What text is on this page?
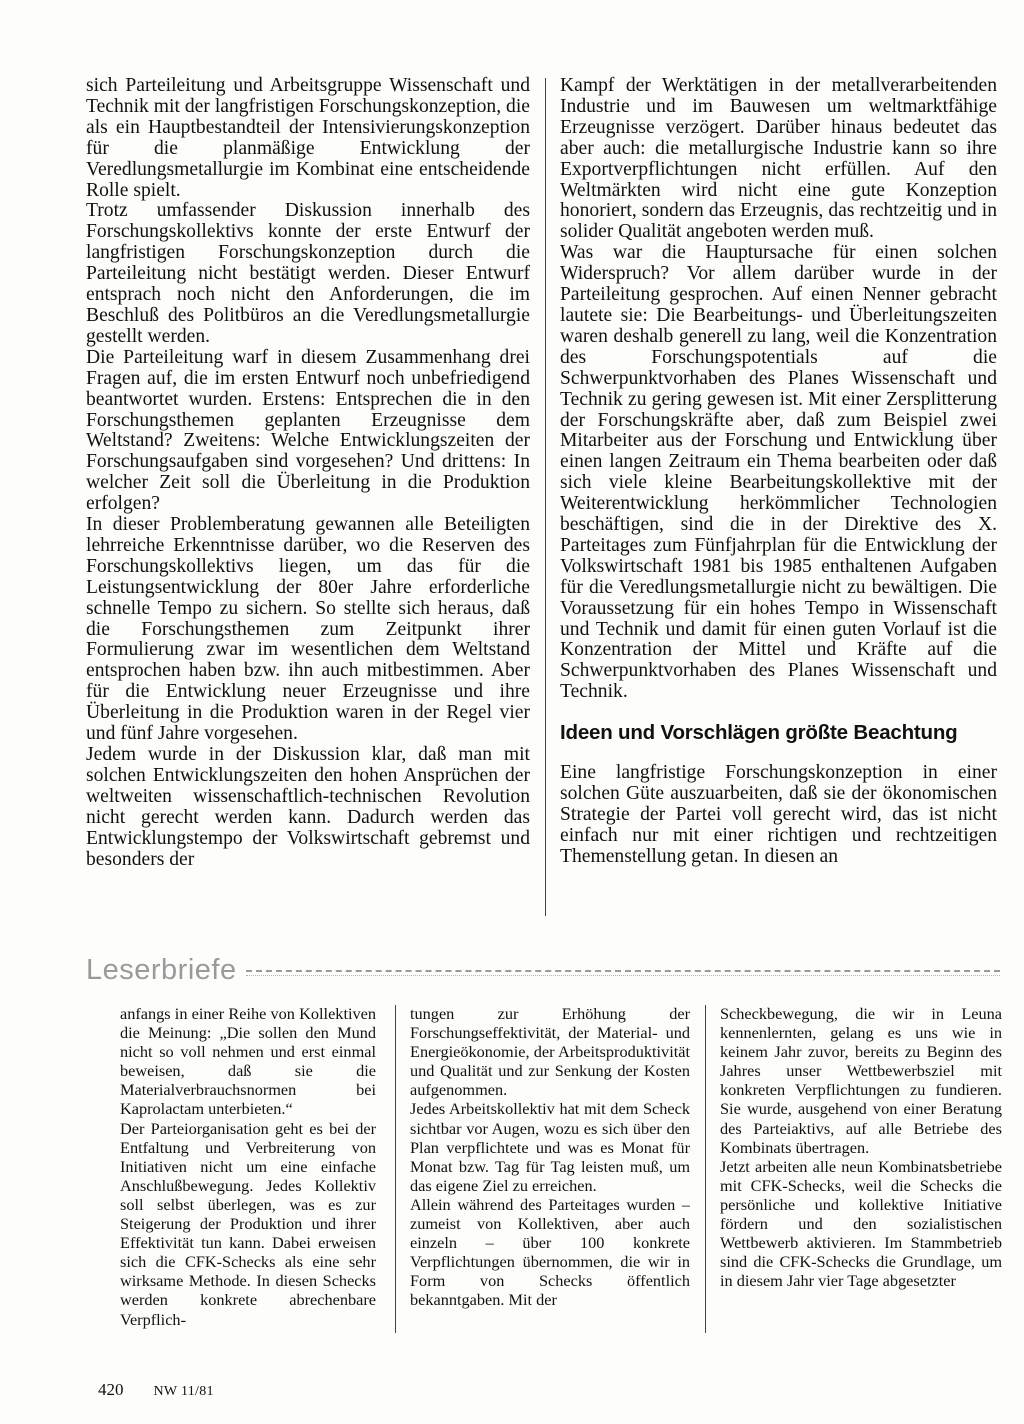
sich Parteileitung und Arbeitsgruppe Wissenschaft und Technik mit der langfristigen Forschungskonzeption, die als ein Hauptbestandteil der Intensivierungskonzeption für die planmäßige Entwicklung der Veredlungsmetallurgie im Kombinat eine entscheidende Rolle spielt.

Trotz umfassender Diskussion innerhalb des Forschungskollektivs konnte der erste Entwurf der langfristigen Forschungskonzeption durch die Parteileitung nicht bestätigt werden. Dieser Entwurf entsprach noch nicht den Anforderungen, die im Beschluß des Politbüros an die Veredlungsmetallurgie gestellt werden.

Die Parteileitung warf in diesem Zusammenhang drei Fragen auf, die im ersten Entwurf noch unbefriedigend beantwortet wurden. Erstens: Entsprechen die in den Forschungsthemen geplanten Erzeugnisse dem Weltstand? Zweitens: Welche Entwicklungszeiten der Forschungsaufgaben sind vorgesehen? Und drittens: In welcher Zeit soll die Überleitung in die Produktion erfolgen?

In dieser Problemberatung gewannen alle Beteiligten lehrreiche Erkenntnisse darüber, wo die Reserven des Forschungskollektivs liegen, um das für die Leistungsentwicklung der 80er Jahre erforderliche schnelle Tempo zu sichern. So stellte sich heraus, daß die Forschungsthemen zum Zeitpunkt ihrer Formulierung zwar im wesentlichen dem Weltstand entsprochen haben bzw. ihn auch mitbestimmen. Aber für die Entwicklung neuer Erzeugnisse und ihre Überleitung in die Produktion waren in der Regel vier und fünf Jahre vorgesehen.

Jedem wurde in der Diskussion klar, daß man mit solchen Entwicklungszeiten den hohen Ansprüchen der weltweiten wissenschaftlich-technischen Revolution nicht gerecht werden kann. Dadurch werden das Entwicklungstempo der Volkswirtschaft gebremst und besonders der

Kampf der Werktätigen in der metallverarbeitenden Industrie und im Bauwesen um weltmarktfähige Erzeugnisse verzögert. Darüber hinaus bedeutet das aber auch: die metallurgische Industrie kann so ihre Exportverpflichtungen nicht erfüllen. Auf den Weltmärkten wird nicht eine gute Konzeption honoriert, sondern das Erzeugnis, das rechtzeitig und in solider Qualität angeboten werden muß.

Was war die Hauptursache für einen solchen Widerspruch? Vor allem darüber wurde in der Parteileitung gesprochen. Auf einen Nenner gebracht lautete sie: Die Bearbeitungs- und Überleitungszeiten waren deshalb generell zu lang, weil die Konzentration des Forschungspotentials auf die Schwerpunktvorhaben des Planes Wissenschaft und Technik zu gering gewesen ist. Mit einer Zersplitterung der Forschungskräfte aber, daß zum Beispiel zwei Mitarbeiter aus der Forschung und Entwicklung über einen langen Zeitraum ein Thema bearbeiten oder daß sich viele kleine Bearbeitungskollektive mit der Weiterentwicklung herkömmlicher Technologien beschäftigen, sind die in der Direktive des X. Parteitages zum Fünfjahrplan für die Entwicklung der Volkswirtschaft 1981 bis 1985 enthaltenen Aufgaben für die Veredlungsmetallurgie nicht zu bewältigen. Die Voraussetzung für ein hohes Tempo in Wissenschaft und Technik und damit für einen guten Vorlauf ist die Konzentration der Mittel und Kräfte auf die Schwerpunktvorhaben des Planes Wissenschaft und Technik.

Ideen und Vorschlägen größte Beachtung

Eine langfristige Forschungskonzeption in einer solchen Güte auszuarbeiten, daß sie der ökonomischen Strategie der Partei voll gerecht wird, das ist nicht einfach nur mit einer richtigen und rechtzeitigen Themenstellung getan. In diesen an

Leserbriefe

anfangs in einer Reihe von Kollektiven die Meinung: „Die sollen den Mund nicht so voll nehmen und erst einmal beweisen, daß sie die Materialverbrauchsnormen bei Kaprolactam unterbieten.“

Der Parteiorganisation geht es bei der Entfaltung und Verbreiterung von Initiativen nicht um eine einfache Anschlußbewegung. Jedes Kollektiv soll selbst überlegen, was es zur Steigerung der Produktion und ihrer Effektivität tun kann. Dabei erweisen sich die CFK-Schecks als eine sehr wirksame Methode. In diesen Schecks werden konkrete abrechenbare Verpflich-

tungen zur Erhöhung der Forschungseffektivität, der Material- und Energieökonomie, der Arbeitsproduktivität und Qualität und zur Senkung der Kosten aufgenommen.

Jedes Arbeitskollektiv hat mit dem Scheck sichtbar vor Augen, wozu es sich über den Plan verpflichtete und was es Monat für Monat bzw. Tag für Tag leisten muß, um das eigene Ziel zu erreichen.

Allein während des Parteitages wurden – zumeist von Kollektiven, aber auch einzeln – über 100 konkrete Verpflichtungen übernommen, die wir in Form von Schecks öffentlich bekanntgaben. Mit der

Scheckbewegung, die wir in Leuna kennenlernten, gelang es uns wie in keinem Jahr zuvor, bereits zu Beginn des Jahres unser Wettbewerbsziel mit konkreten Verpflichtungen zu fundieren. Sie wurde, ausgehend von einer Beratung des Parteiaktivs, auf alle Betriebe des Kombinats übertragen.

Jetzt arbeiten alle neun Kombinatsbetriebe mit CFK-Schecks, weil die Schecks die persönliche und kollektive Initiative fördern und den sozialistischen Wettbewerb aktivieren. Im Stammbetrieb sind die CFK-Schecks die Grundlage, um in diesem Jahr vier Tage abgesetzter

420 NW 11/81
